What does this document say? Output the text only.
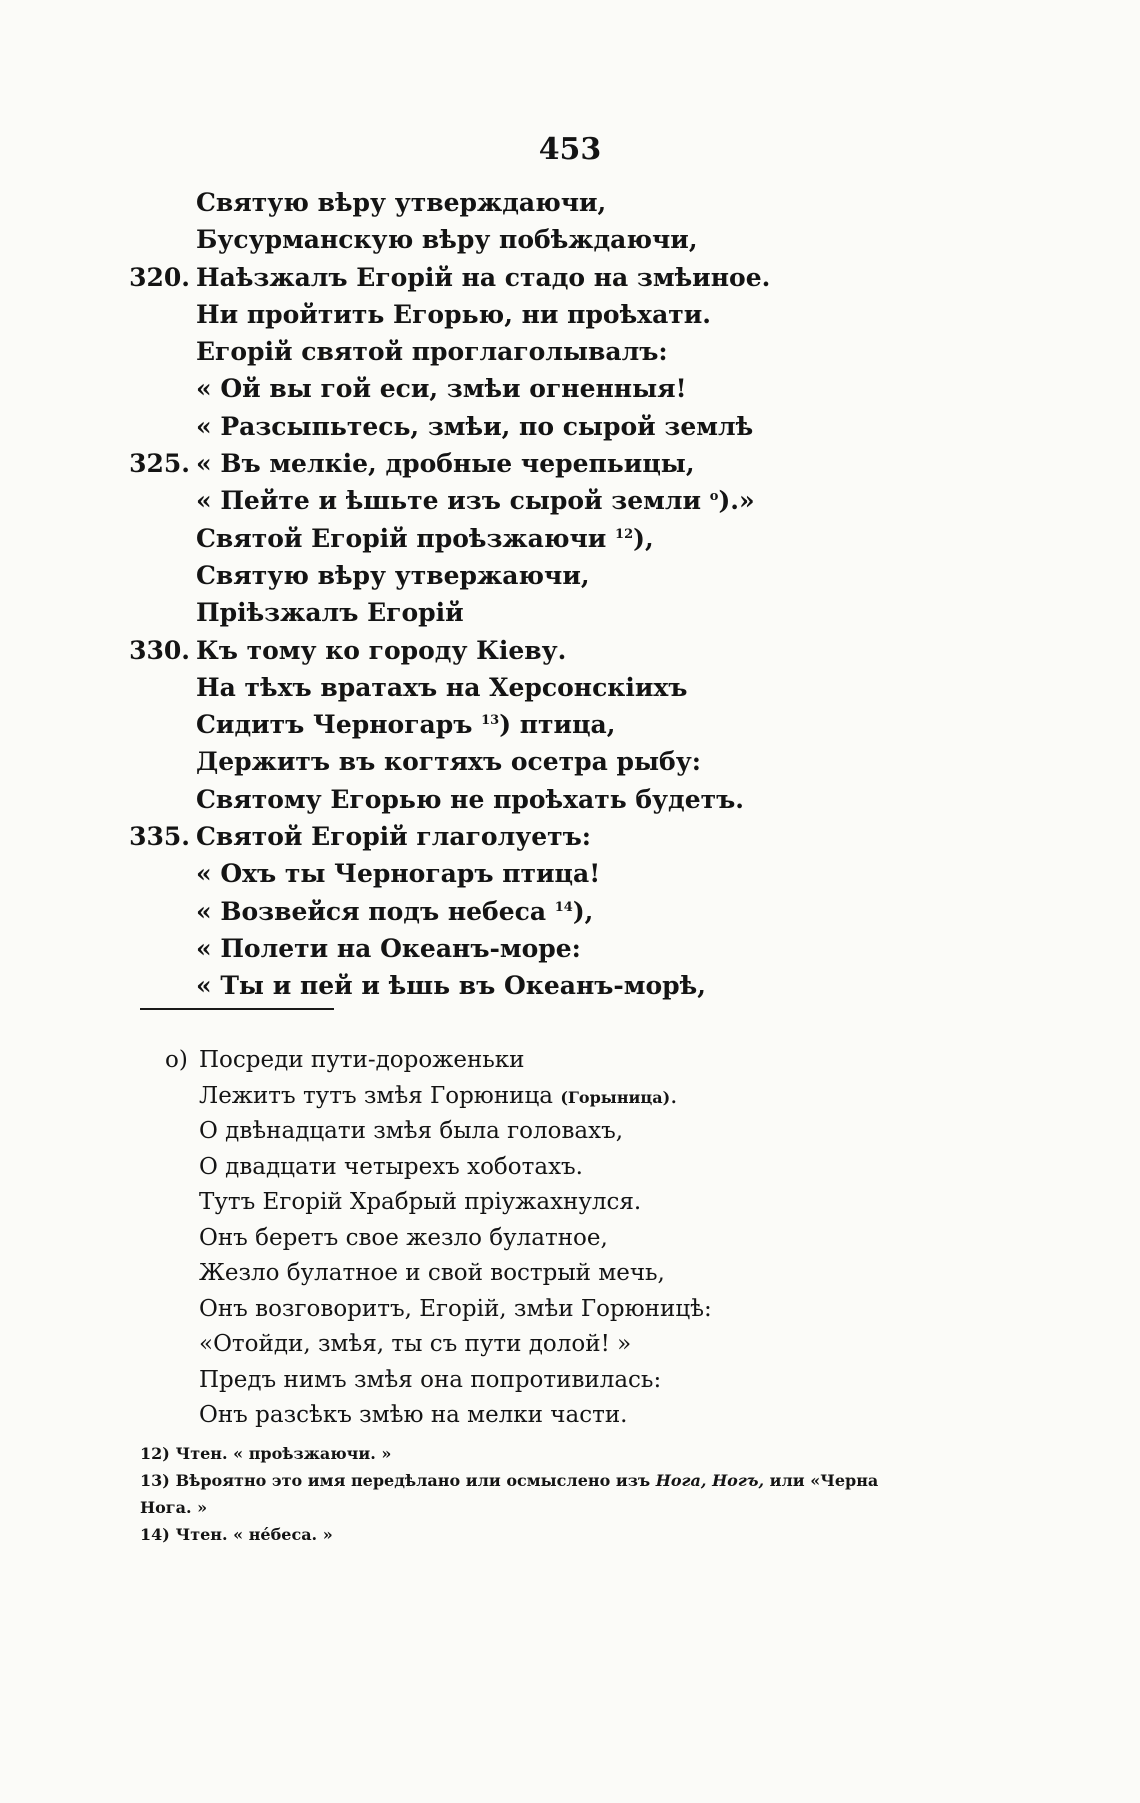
453
Святую вѣру утверждаючи,
Бусурманскую вѣру побѣждаючи,
320. Наѣзжалъ Егорій на стадо на змѣиное.
Ни пройтить Егорью, ни проѣхати.
Егорій святой проглаголывалъ:
« Ой вы гой еси, змѣи огненныя!
« Разсыпьтесь, змѣи, по сырой землѣ
325. « Въ мелкіе, дробные черепьицы,
« Пейте и ѣшьте изъ сырой земли $^o$).»
Святой Егорій проѣзжаючи $^{12}$),
Святую вѣру утвержаючи,
Пріѣзжалъ Егорій
330. Къ тому ко городу Кіеву.
На тѣхъ вратахъ на Херсонскіихъ
Сидитъ Черногаръ $^{13}$) птица,
Держитъ въ когтяхъ осетра рыбу:
Святому Егорью не проѣхать будетъ.
335. Святой Егорій глаголуетъ:
« Охъ ты Черногаръ птица!
« Возвейся подъ небеса $^{14}$),
« Полети на Океанъ-море:
« Ты и пей и ѣшь въ Океанъ-морѣ,
o) Посреди пути-дороженьки
Лежитъ тутъ змѣя Горюница (Горыница).
О двѣнадцати змѣя была головахъ,
О двадцати четырехъ хоботахъ.
Тутъ Егорій Храбрый пріужахнулся.
Онъ беретъ свое жезло булатное,
Жезло булатное и свой вострый мечь,
Онъ возговоритъ, Егорій, змѣи Горюницѣ:
«Отойди, змѣя, ты съ пути долой! »
Предъ нимъ змѣя она попротивилась:
Онъ разсѣкъ змѣю на мелки части.
12) Чтен. « проѣзжаючи. »
13) Вѣроятно это имя передѣлано или осмыслено изъ Нога, Ногъ, или «Черна
Нога. »
14) Чтен. « нéбеса. »
